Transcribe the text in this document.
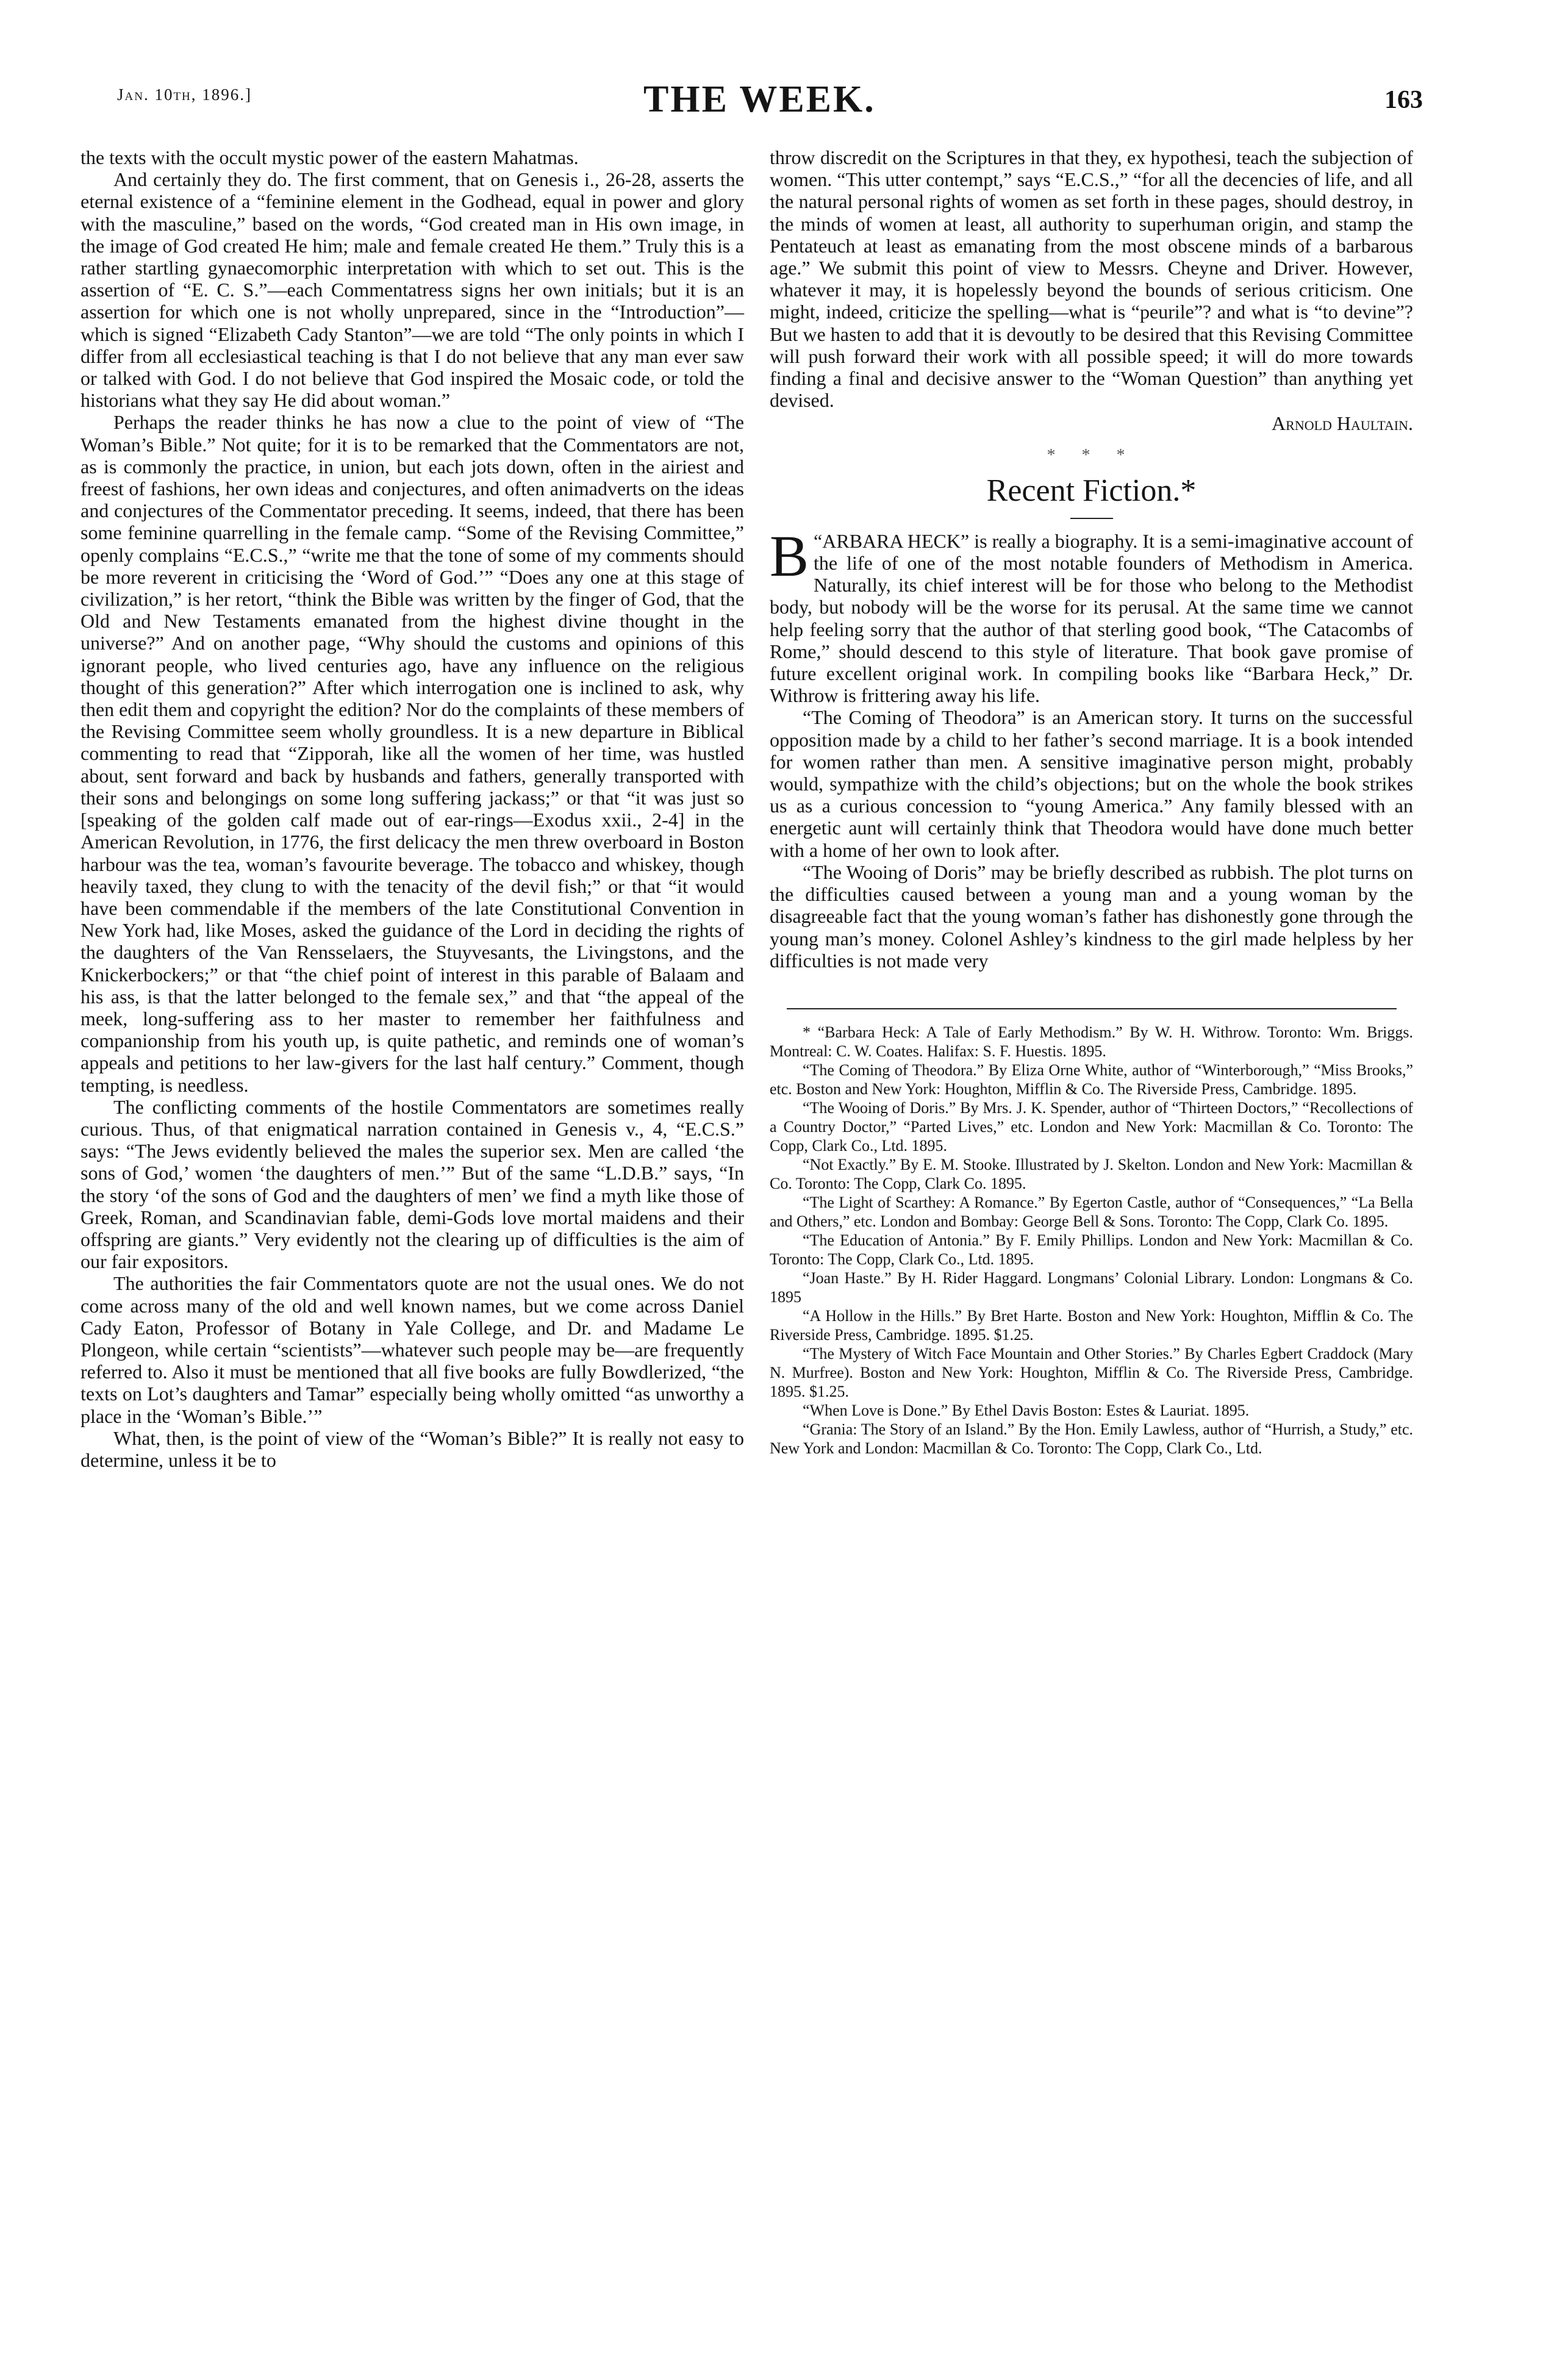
Jan. 10th, 1896.]	THE WEEK.	163

the texts with the occult mystic power of the eastern Mahatmas.

And certainly they do. The first comment, that on Genesis i., 26-28, asserts the eternal existence of a “feminine element in the Godhead, equal in power and glory with the masculine,” based on the words, “God created man in His own image, in the image of God created He him; male and female created He them.” Truly this is a rather startling gynaecomorphic interpretation with which to set out. This is the assertion of “E. C. S.”—each Commentatress signs her own initials; but it is an assertion for which one is not wholly unprepared, since in the “Introduction”—which is signed “Elizabeth Cady Stanton”—we are told “The only points in which I differ from all ecclesiastical teaching is that I do not believe that any man ever saw or talked with God. I do not believe that God inspired the Mosaic code, or told the historians what they say He did about woman.”

Perhaps the reader thinks he has now a clue to the point of view of “The Woman’s Bible.” Not quite; for it is to be remarked that the Commentators are not, as is commonly the practice, in union, but each jots down, often in the airiest and freest of fashions, her own ideas and conjectures, and often animadverts on the ideas and conjectures of the Commentator preceding. It seems, indeed, that there has been some feminine quarrelling in the female camp. “Some of the Revising Committee,” openly complains “E.C.S.,” “write me that the tone of some of my comments should be more reverent in criticising the ‘Word of God.’” “Does any one at this stage of civilization,” is her retort, “think the Bible was written by the finger of God, that the Old and New Testaments emanated from the highest divine thought in the universe?” And on another page, “Why should the customs and opinions of this ignorant people, who lived centuries ago, have any influence on the religious thought of this generation?” After which interrogation one is inclined to ask, why then edit them and copyright the edition? Nor do the complaints of these members of the Revising Committee seem wholly groundless. It is a new departure in Biblical commenting to read that “Zipporah, like all the women of her time, was hustled about, sent forward and back by husbands and fathers, generally transported with their sons and belongings on some long suffering jackass;” or that “it was just so [speaking of the golden calf made out of ear-rings—Exodus xxii., 2-4] in the American Revolution, in 1776, the first delicacy the men threw overboard in Boston harbour was the tea, woman’s favourite beverage. The tobacco and whiskey, though heavily taxed, they clung to with the tenacity of the devil fish;” or that “it would have been commendable if the members of the late Constitutional Convention in New York had, like Moses, asked the guidance of the Lord in deciding the rights of the daughters of the Van Rensselaers, the Stuyvesants, the Livingstons, and the Knickerbockers;” or that “the chief point of interest in this parable of Balaam and his ass, is that the latter belonged to the female sex,” and that “the appeal of the meek, long-suffering ass to her master to remember her faithfulness and companionship from his youth up, is quite pathetic, and reminds one of woman’s appeals and petitions to her law-givers for the last half century.” Comment, though tempting, is needless.

The conflicting comments of the hostile Commentators are sometimes really curious. Thus, of that enigmatical narration contained in Genesis v., 4, “E.C.S.” says: “The Jews evidently believed the males the superior sex. Men are called ‘the sons of God,’ women ‘the daughters of men.’” But of the same “L.D.B.” says, “In the story ‘of the sons of God and the daughters of men’ we find a myth like those of Greek, Roman, and Scandinavian fable, demi-Gods love mortal maidens and their offspring are giants.” Very evidently not the clearing up of difficulties is the aim of our fair expositors.

The authorities the fair Commentators quote are not the usual ones. We do not come across many of the old and well known names, but we come across Daniel Cady Eaton, Professor of Botany in Yale College, and Dr. and Madame Le Plongeon, while certain “scientists”—whatever such people may be—are frequently referred to. Also it must be mentioned that all five books are fully Bowdlerized, “the texts on Lot’s daughters and Tamar” especially being wholly omitted “as unworthy a place in the ‘Woman’s Bible.’”

What, then, is the point of view of the “Woman’s Bible?” It is really not easy to determine, unless it be to

throw discredit on the Scriptures in that they, ex hypothesi, teach the subjection of women. “This utter contempt,” says “E.C.S.,” “for all the decencies of life, and all the natural personal rights of women as set forth in these pages, should destroy, in the minds of women at least, all authority to superhuman origin, and stamp the Pentateuch at least as emanating from the most obscene minds of a barbarous age.” We submit this point of view to Messrs. Cheyne and Driver. However, whatever it may, it is hopelessly beyond the bounds of serious criticism. One might, indeed, criticize the spelling—what is “peurile”? and what is “to devine”? But we hasten to add that it is devoutly to be desired that this Revising Committee will push forward their work with all possible speed; it will do more towards finding a final and decisive answer to the “Woman Question” than anything yet devised.

Arnold Haultain.
* * *
Recent Fiction.*

“
B ARBARA HECK” is really a biography. It is a semi-imaginative account of the life of one of the most notable founders of Methodism in America. Naturally, its chief interest will be for those who belong to the Methodist body, but nobody will be the worse for its perusal. At the same time we cannot help feeling sorry that the author of that sterling good book, “The Catacombs of Rome,” should descend to this style of literature. That book gave promise of future excellent original work. In compiling books like “Barbara Heck,” Dr. Withrow is frittering away his life.

“The Coming of Theodora” is an American story. It turns on the successful opposition made by a child to her father’s second marriage. It is a book intended for women rather than men. A sensitive imaginative person might, probably would, sympathize with the child’s objections; but on the whole the book strikes us as a curious concession to “young America.” Any family blessed with an energetic aunt will certainly think that Theodora would have done much better with a home of her own to look after.

“The Wooing of Doris” may be briefly described as rubbish. The plot turns on the difficulties caused between a young man and a young woman by the disagreeable fact that the young woman’s father has dishonestly gone through the young man’s money. Colonel Ashley’s kindness to the girl made helpless by her difficulties is not made very

* “Barbara Heck: A Tale of Early Methodism.” By W. H. Withrow. Toronto: Wm. Briggs. Montreal: C. W. Coates. Halifax: S. F. Huestis. 1895.

“The Coming of Theodora.” By Eliza Orne White, author of “Winterborough,” “Miss Brooks,” etc. Boston and New York: Houghton, Mifflin & Co. The Riverside Press, Cambridge. 1895.

“The Wooing of Doris.” By Mrs. J. K. Spender, author of “Thirteen Doctors,” “Recollections of a Country Doctor,” “Parted Lives,” etc. London and New York: Macmillan & Co. Toronto: The Copp, Clark Co., Ltd. 1895.

“Not Exactly.” By E. M. Stooke. Illustrated by J. Skelton. London and New York: Macmillan & Co. Toronto: The Copp, Clark Co. 1895.

“The Light of Scarthey: A Romance.” By Egerton Castle, author of “Consequences,” “La Bella and Others,” etc. London and Bombay: George Bell & Sons. Toronto: The Copp, Clark Co. 1895.

“The Education of Antonia.” By F. Emily Phillips. London and New York: Macmillan & Co. Toronto: The Copp, Clark Co., Ltd. 1895.

“Joan Haste.” By H. Rider Haggard. Longmans’ Colonial Library. London: Longmans & Co. 1895

“A Hollow in the Hills.” By Bret Harte. Boston and New York: Houghton, Mifflin & Co. The Riverside Press, Cambridge. 1895. $1.25.

“The Mystery of Witch Face Mountain and Other Stories.” By Charles Egbert Craddock (Mary N. Murfree). Boston and New York: Houghton, Mifflin & Co. The Riverside Press, Cambridge. 1895. $1.25.

“When Love is Done.” By Ethel Davis Boston: Estes & Lauriat. 1895.

“Grania: The Story of an Island.” By the Hon. Emily Lawless, author of “Hurrish, a Study,” etc. New York and London: Macmillan & Co. Toronto: The Copp, Clark Co., Ltd.
